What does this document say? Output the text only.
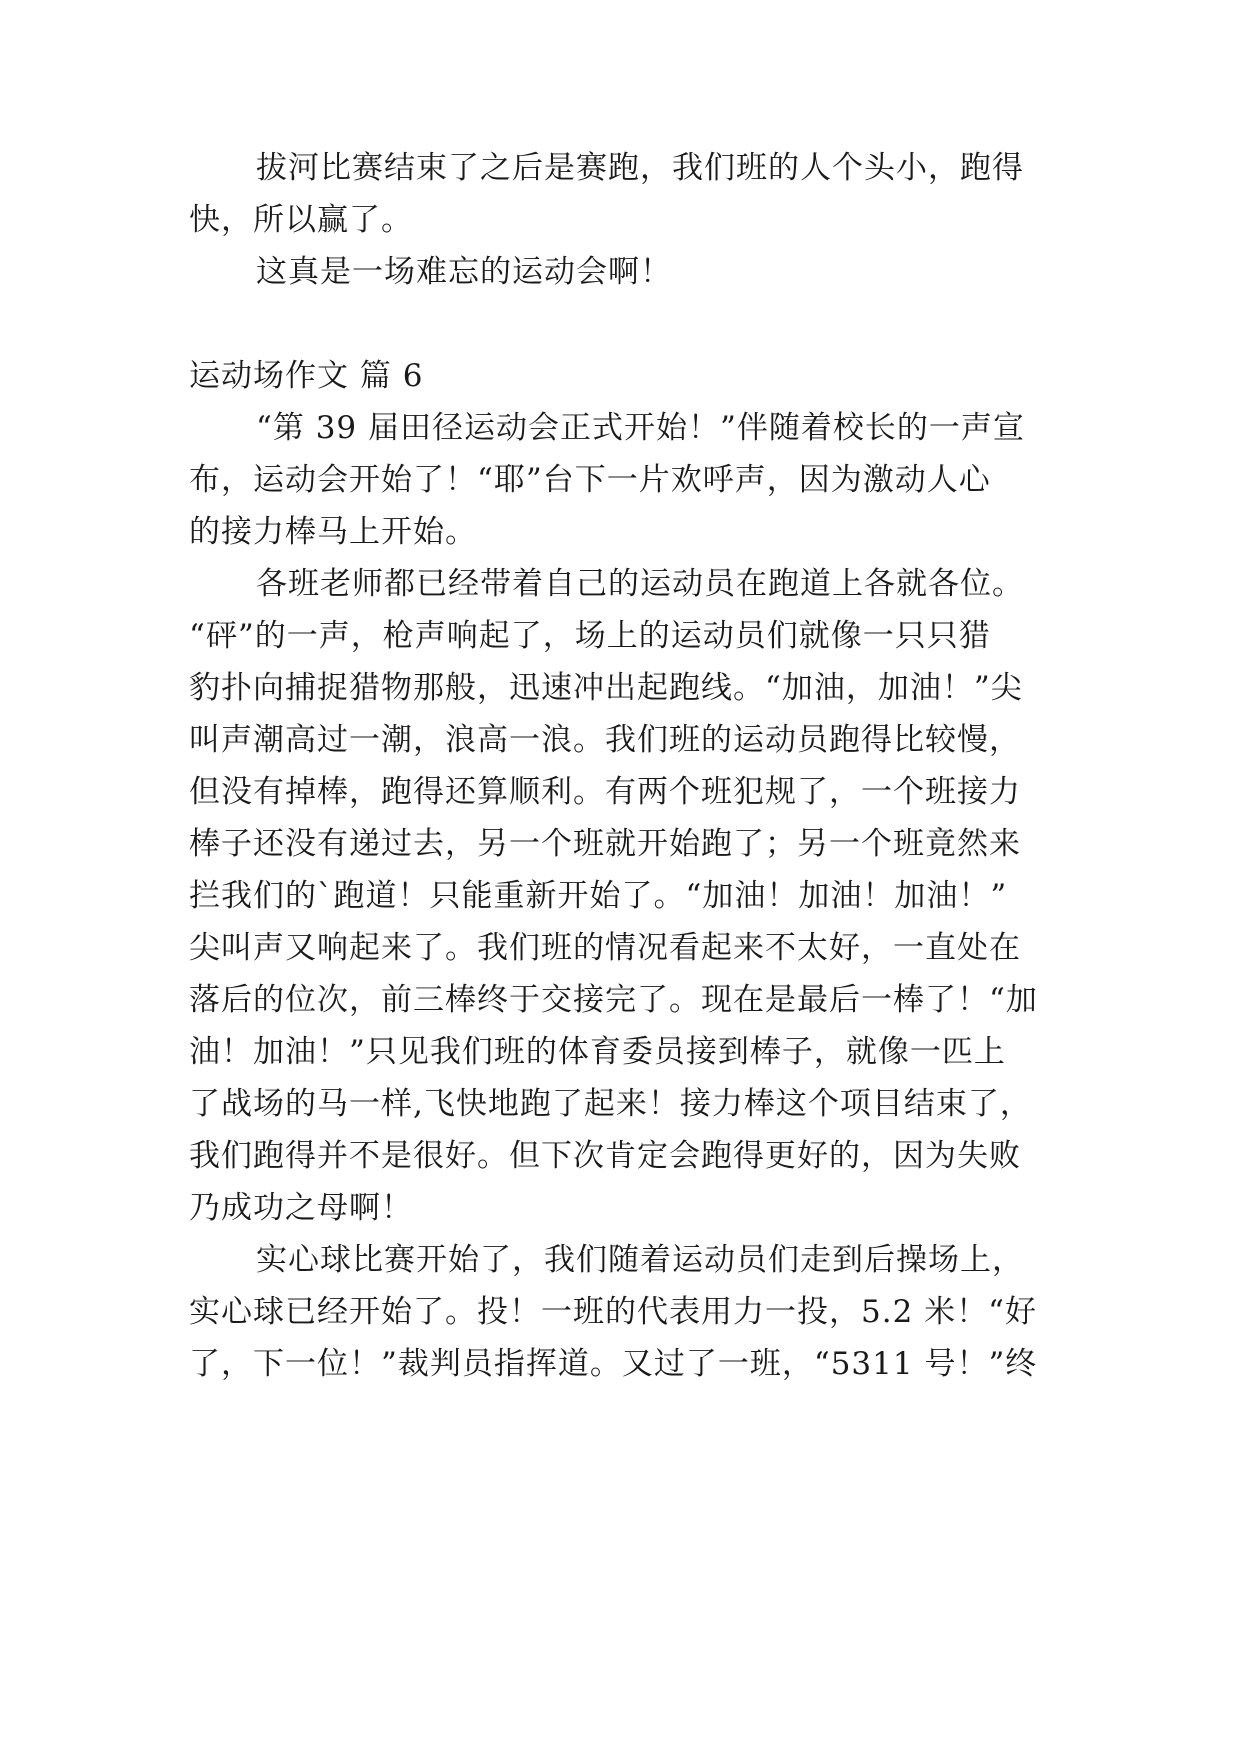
拔河比赛结束了之后是赛跑，我们班的人个头小，跑得
快，所以赢了。
这真是一场难忘的运动会啊！
运动场作文 篇 6
“第 39 届田径运动会正式开始！”伴随着校长的一声宣
布，运动会开始了！“耶”台下一片欢呼声，因为激动人心
的接力棒马上开始。
各班老师都已经带着自己的运动员在跑道上各就各位。
“砰”的一声，枪声响起了，场上的运动员们就像一只只猎
豹扑向捕捉猎物那般，迅速冲出起跑线。“加油，加油！”尖
叫声潮高过一潮，浪高一浪。我们班的运动员跑得比较慢，
但没有掉棒，跑得还算顺利。有两个班犯规了，一个班接力
棒子还没有递过去，另一个班就开始跑了；另一个班竟然来
拦我们的`跑道！只能重新开始了。“加油！加油！加油！”
尖叫声又响起来了。我们班的情况看起来不太好，一直处在
落后的位次，前三棒终于交接完了。现在是最后一棒了！“加
油！加油！”只见我们班的体育委员接到棒子，就像一匹上
了战场的马一样,飞快地跑了起来！接力棒这个项目结束了，
我们跑得并不是很好。但下次肯定会跑得更好的，因为失败
乃成功之母啊！
实心球比赛开始了，我们随着运动员们走到后操场上，
实心球已经开始了。投！一班的代表用力一投，5.2 米！“好
了，下一位！”裁判员指挥道。又过了一班，“5311 号！”终
